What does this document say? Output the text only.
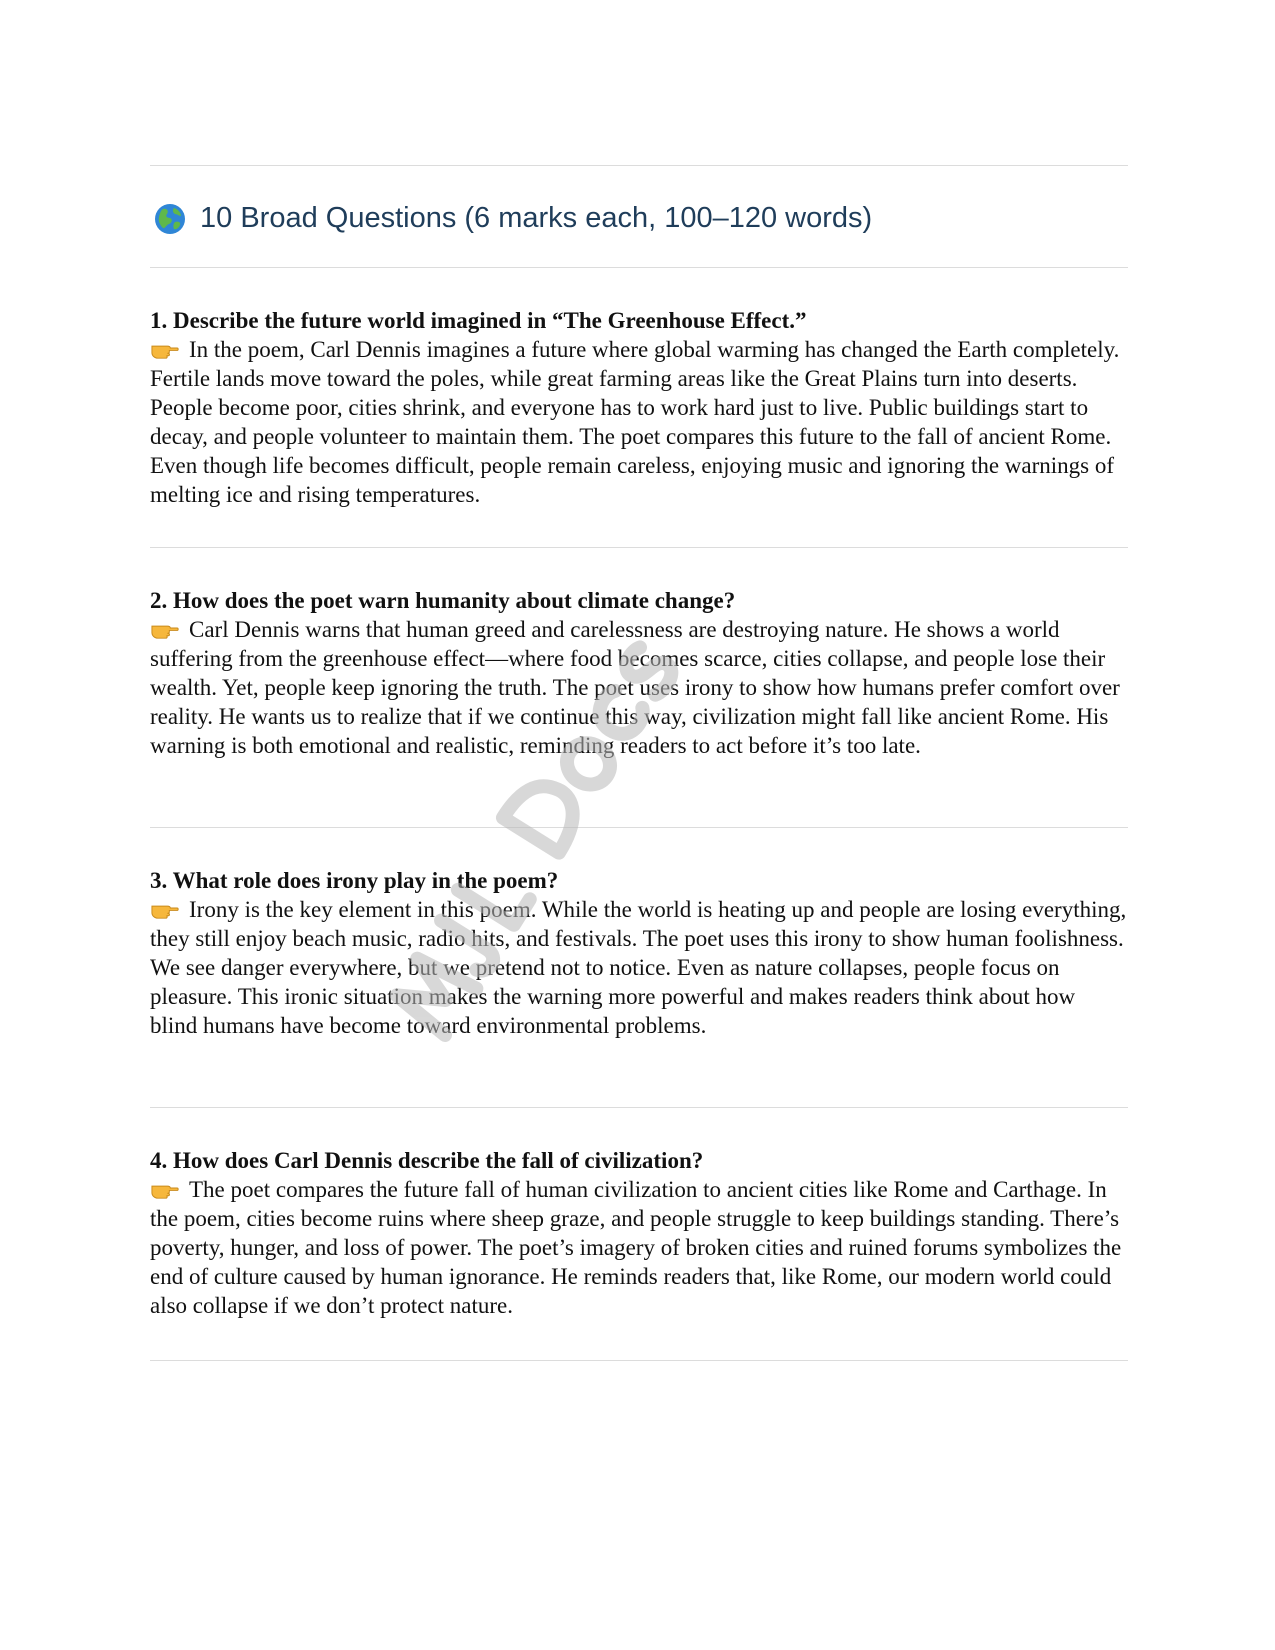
10 Broad Questions (6 marks each, 100–120 words)

1. Describe the future world imagined in “The Greenhouse Effect.”

In the poem, Carl Dennis imagines a future where global warming has changed the Earth completely. Fertile lands move toward the poles, while great farming areas like the Great Plains turn into deserts. People become poor, cities shrink, and everyone has to work hard just to live. Public buildings start to decay, and people volunteer to maintain them. The poet compares this future to the fall of ancient Rome. Even though life becomes difficult, people remain careless, enjoying music and ignoring the warnings of melting ice and rising temperatures.

2. How does the poet warn humanity about climate change?

Carl Dennis warns that human greed and carelessness are destroying nature. He shows a world suffering from the greenhouse effect—where food becomes scarce, cities collapse, and people lose their wealth. Yet, people keep ignoring the truth. The poet uses irony to show how humans prefer comfort over reality. He wants us to realize that if we continue this way, civilization might fall like ancient Rome. His warning is both emotional and realistic, reminding readers to act before it’s too late.

3. What role does irony play in the poem?

Irony is the key element in this poem. While the world is heating up and people are losing everything, they still enjoy beach music, radio hits, and festivals. The poet uses this irony to show human foolishness. We see danger everywhere, but we pretend not to notice. Even as nature collapses, people focus on pleasure. This ironic situation makes the warning more powerful and makes readers think about how blind humans have become toward environmental problems.

4. How does Carl Dennis describe the fall of civilization?

The poet compares the future fall of human civilization to ancient cities like Rome and Carthage. In the poem, cities become ruins where sheep graze, and people struggle to keep buildings standing. There’s poverty, hunger, and loss of power. The poet’s imagery of broken cities and ruined forums symbolizes the end of culture caused by human ignorance. He reminds readers that, like Rome, our modern world could also collapse if we don’t protect nature.
